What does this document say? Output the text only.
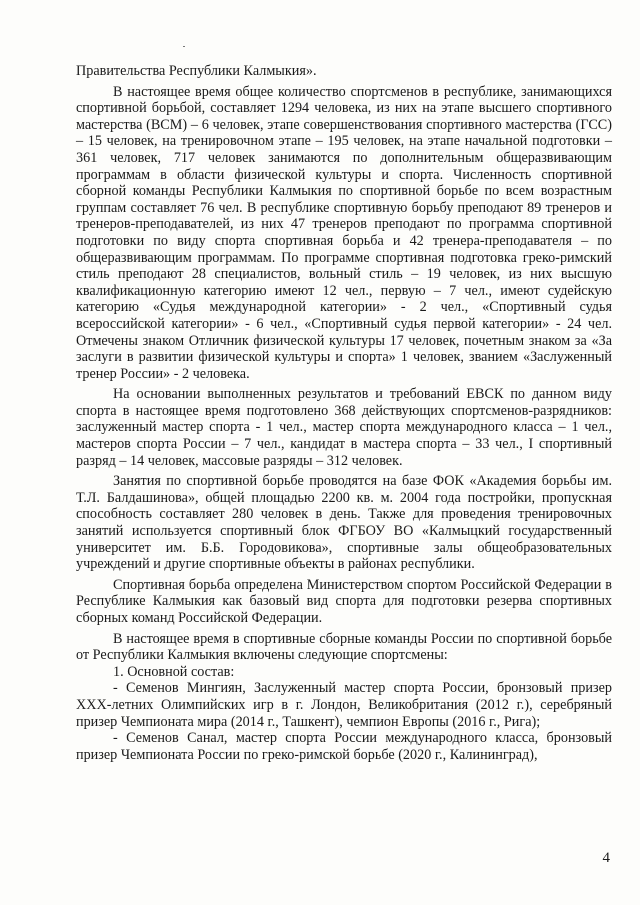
Правительства Республики Калмыкия».

В настоящее время общее количество спортсменов в республике, занимающихся спортивной борьбой, составляет 1294 человека, из них на этапе высшего спортивного мастерства (ВСМ) – 6 человек, этапе совершенствования спортивного мастерства (ГСС) – 15 человек, на тренировочном этапе – 195 человек, на этапе начальной подготовки – 361 человек, 717 человек занимаются по дополнительным общеразвивающим программам в области физической культуры и спорта. Численность спортивной сборной команды Республики Калмыкия по спортивной борьбе по всем возрастным группам составляет 76 чел. В республике спортивную борьбу преподают 89 тренеров и тренеров-преподавателей, из них 47 тренеров преподают по программа спортивной подготовки по виду спорта спортивная борьба и 42 тренера-преподавателя – по общеразвивающим программам. По программе спортивная подготовка греко-римский стиль преподают 28 специалистов, вольный стиль – 19 человек, из них высшую квалификационную категорию имеют 12 чел., первую – 7 чел., имеют судейскую категорию «Судья международной категории» - 2 чел., «Спортивный судья всероссийской категории» - 6 чел., «Спортивный судья первой категории» - 24 чел. Отмечены знаком Отличник физической культуры 17 человек, почетным знаком за «За заслуги в развитии физической культуры и спорта» 1 человек, званием «Заслуженный тренер России» - 2 человека.

На основании выполненных результатов и требований ЕВСК по данном виду спорта в настоящее время подготовлено 368 действующих спортсменов-разрядников: заслуженный мастер спорта - 1 чел., мастер спорта международного класса – 1 чел., мастеров спорта России – 7 чел., кандидат в мастера спорта – 33 чел., I спортивный разряд – 14 человек, массовые разряды – 312 человек.

Занятия по спортивной борьбе проводятся на базе ФОК «Академия борьбы им. Т.Л. Балдашинова», общей площадью 2200 кв. м. 2004 года постройки, пропускная способность составляет 280 человек в день. Также для проведения тренировочных занятий используется спортивный блок ФГБОУ ВО «Калмыцкий государственный университет им. Б.Б. Городовикова», спортивные залы общеобразовательных учреждений и другие спортивные объекты в районах республики.

Спортивная борьба определена Министерством спортом Российской Федерации в Республике Калмыкия как базовый вид спорта для подготовки резерва спортивных сборных команд Российской Федерации.

В настоящее время в спортивные сборные команды России по спортивной борьбе от Республики Калмыкия включены следующие спортсмены:

1. Основной состав:

- Семенов Мингиян, Заслуженный мастер спорта России, бронзовый призер XXX-летних Олимпийских игр в г. Лондон, Великобритания (2012 г.), серебряный призер Чемпионата мира (2014 г., Ташкент), чемпион Европы (2016 г., Рига);

- Семенов Санал, мастер спорта России международного класса, бронзовый призер Чемпионата России по греко-римской борьбе (2020 г., Калининград),

4
